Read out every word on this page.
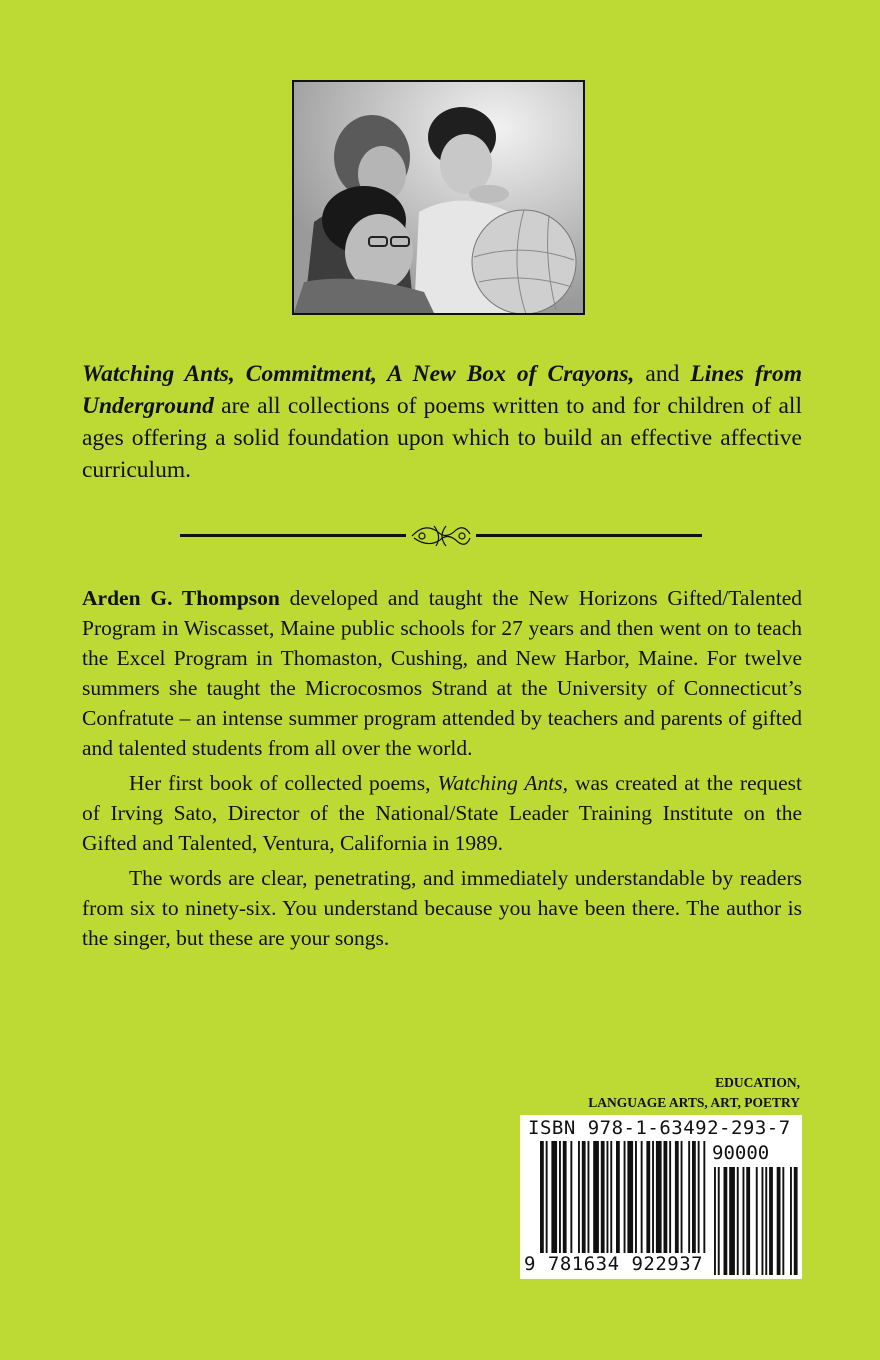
Watching Ants, Commitment, A New Box of Crayons, and Lines from Underground are all collections of poems written to and for children of all ages offering a solid foundation upon which to build an effective affective curriculum.

Arden G. Thompson developed and taught the New Horizons Gifted/Talented Program in Wiscasset, Maine public schools for 27 years and then went on to teach the Excel Program in Thomaston, Cushing, and New Harbor, Maine. For twelve summers she taught the Microcosmos Strand at the University of Connecticut’s Confratute – an intense summer program attended by teachers and parents of gifted and talented students from all over the world.

Her first book of collected poems, Watching Ants, was created at the request of Irving Sato, Director of the National/State Leader Training Institute on the Gifted and Talented, Ventura, California in 1989.

The words are clear, penetrating, and immediately understandable by readers from six to ninety-six. You understand because you have been there. The author is the singer, but these are your songs.

EDUCATION,
LANGUAGE ARTS, ART, POETRY
ISBN 978-1-63492-293-7
90000
9 781634 922937
